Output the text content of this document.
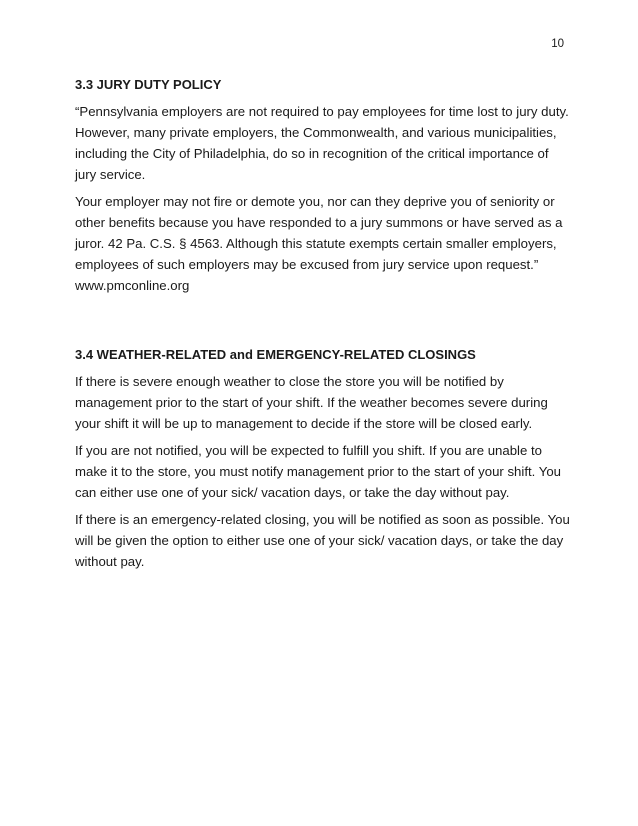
10

3.3 JURY DUTY POLICY

“Pennsylvania employers are not required to pay employees for time lost to jury duty. However, many private employers, the Commonwealth, and various municipalities, including the City of Philadelphia, do so in recognition of the critical importance of jury service.

Your employer may not fire or demote you, nor can they deprive you of seniority or other benefits because you have responded to a jury summons or have served as a juror. 42 Pa. C.S. § 4563. Although this statute exempts certain smaller employers, employees of such employers may be excused from jury service upon request.” www.pmconline.org

3.4 WEATHER-RELATED and EMERGENCY-RELATED CLOSINGS

If there is severe enough weather to close the store you will be notified by management prior to the start of your shift. If the weather becomes severe during your shift it will be up to management to decide if the store will be closed early.

If you are not notified, you will be expected to fulfill you shift. If you are unable to make it to the store, you must notify management prior to the start of your shift. You can either use one of your sick/ vacation days, or take the day without pay.

If there is an emergency-related closing, you will be notified as soon as possible. You will be given the option to either use one of your sick/ vacation days, or take the day without pay.
